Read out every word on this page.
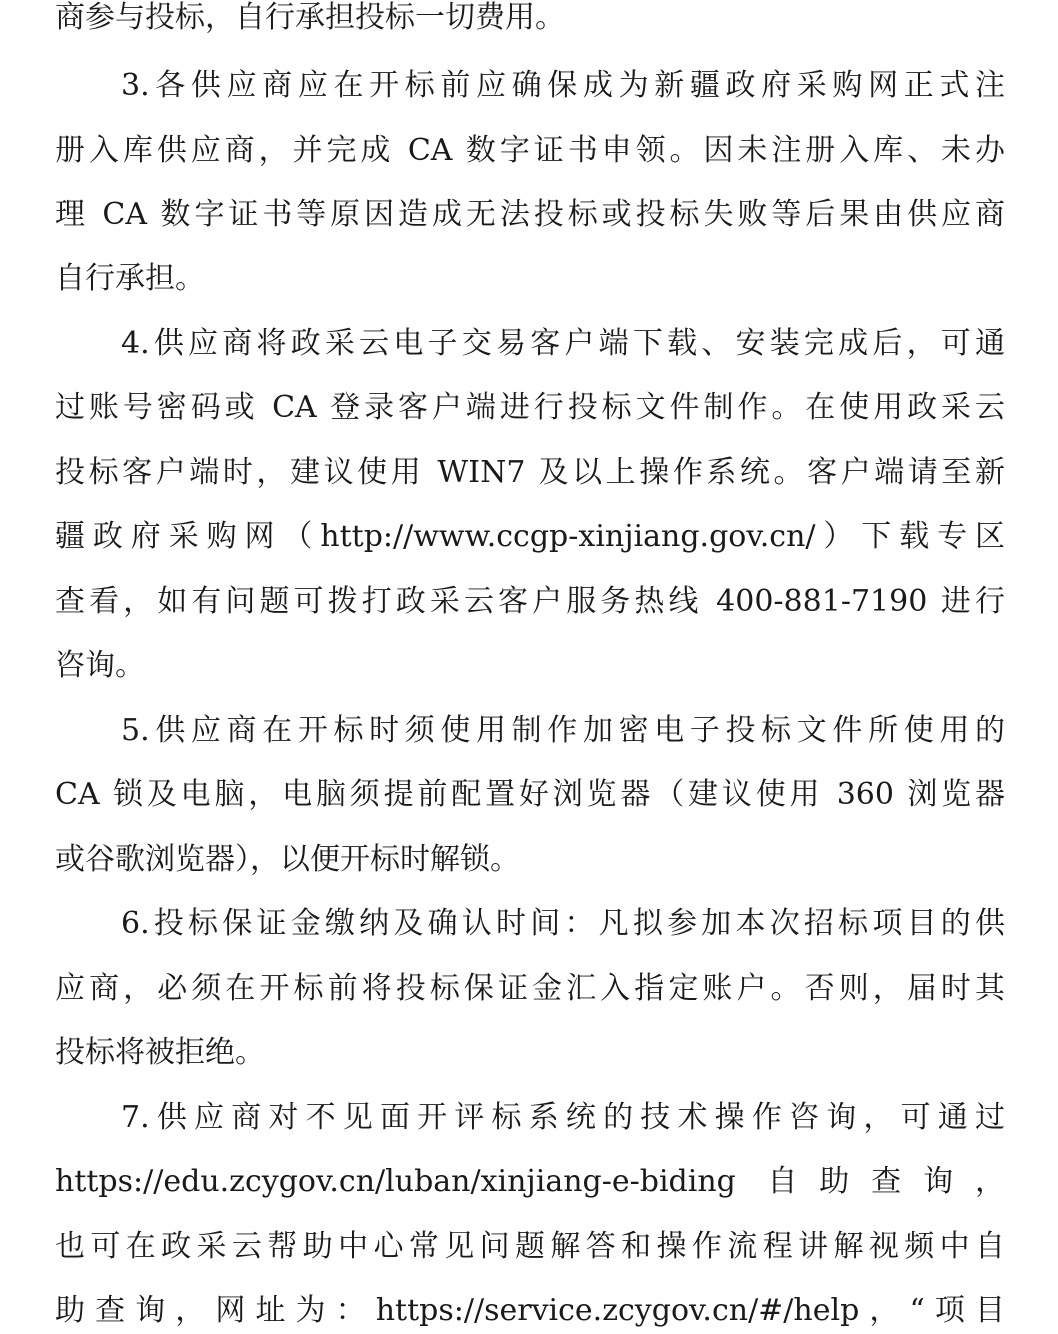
商参与投标，自行承担投标一切费用。
3.各供应商应在开标前应确保成为新疆政府采购网正式注
册入库供应商，并完成 CA 数字证书申领。因未注册入库、未办
理 CA 数字证书等原因造成无法投标或投标失败等后果由供应商
自行承担。
4.供应商将政采云电子交易客户端下载、安装完成后，可通
过账号密码或 CA 登录客户端进行投标文件制作。在使用政采云
投标客户端时，建议使用 WIN7 及以上操作系统。客户端请至新
疆政府采购网（http://www.ccgp-xinjiang.gov.cn/）下载专区
查看，如有问题可拨打政采云客户服务热线 400-881-7190 进行
咨询。
5.供应商在开标时须使用制作加密电子投标文件所使用的
CA 锁及电脑，电脑须提前配置好浏览器（建议使用 360 浏览器
或谷歌浏览器），以便开标时解锁。
6.投标保证金缴纳及确认时间：凡拟参加本次招标项目的供
应商，必须在开标前将投标保证金汇入指定账户。否则，届时其
投标将被拒绝。
7.供应商对不见面开评标系统的技术操作咨询，可通过
https://edu.zcygov.cn/luban/xinjiang-e-biding 自助查询，
也可在政采云帮助中心常见问题解答和操作流程讲解视频中自
助查询，网址为：https://service.zcygov.cn/#/help，“项目
